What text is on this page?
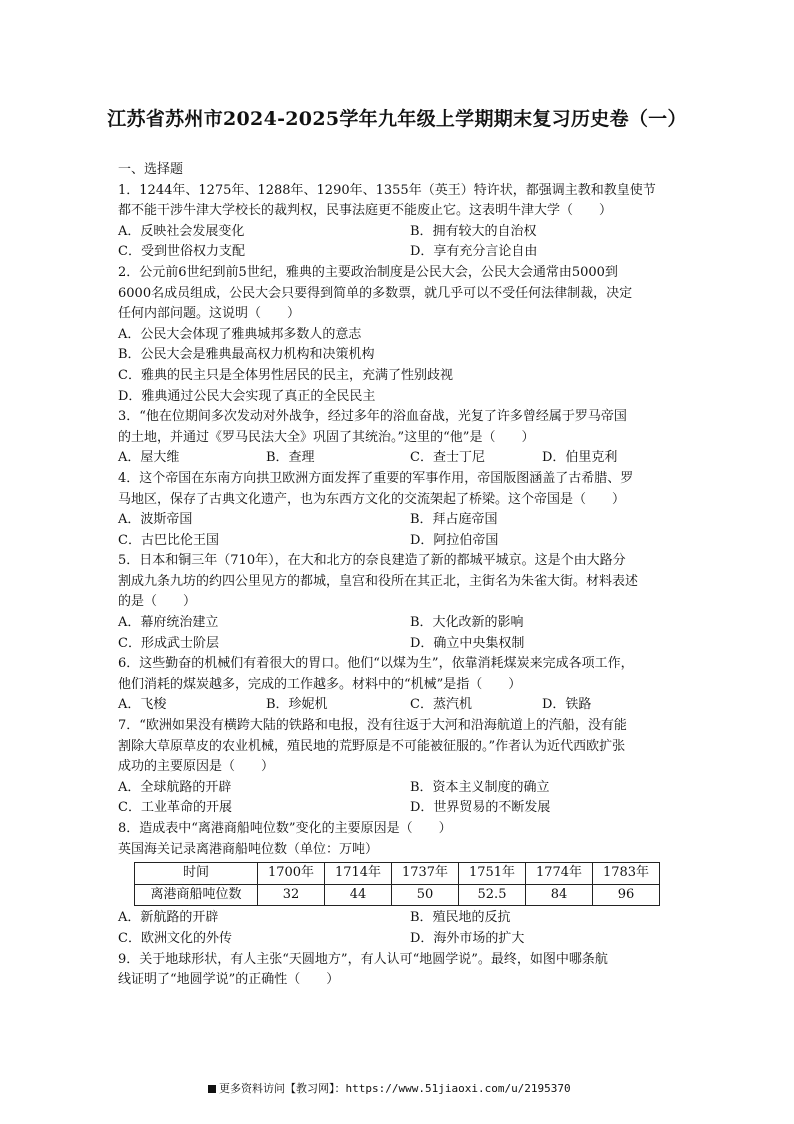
江苏省苏州市2024-2025学年九年级上学期期末复习历史卷（一）
一、选择题
1．1244年、1275年、1288年、1290年、1355年（英王）特许状，都强调主教和教皇使节
都不能干涉牛津大学校长的裁判权，民事法庭更不能废止它。这表明牛津大学（　　）
A．反映社会发展变化	B．拥有较大的自治权
C．受到世俗权力支配	D．享有充分言论自由
2．公元前6世纪到前5世纪，雅典的主要政治制度是公民大会，公民大会通常由5000到
6000名成员组成，公民大会只要得到简单的多数票，就几乎可以不受任何法律制裁，决定
任何内部问题。这说明（　　）
A．公民大会体现了雅典城邦多数人的意志
B．公民大会是雅典最高权力机构和决策机构
C．雅典的民主只是全体男性居民的民主，充满了性别歧视
D．雅典通过公民大会实现了真正的全民民主
3．“他在位期间多次发动对外战争，经过多年的浴血奋战，光复了许多曾经属于罗马帝国
的土地，并通过《罗马民法大全》巩固了其统治。”这里的“他”是（　　）
A．屋大维	B．查理	C．查士丁尼	D．伯里克利
4．这个帝国在东南方向拱卫欧洲方面发挥了重要的军事作用，帝国版图涵盖了古希腊、罗
马地区，保存了古典文化遗产，也为东西方文化的交流架起了桥梁。这个帝国是（　　）
A．波斯帝国	B．拜占庭帝国
C．古巴比伦王国	D．阿拉伯帝国
5．日本和铜三年（710年），在大和北方的奈良建造了新的都城平城京。这是个由大路分
割成九条九坊的约四公里见方的都城，皇宫和役所在其正北，主街名为朱雀大街。材料表述
的是（　　）
A．幕府统治建立	B．大化改新的影响
C．形成武士阶层	D．确立中央集权制
6．这些勤奋的机械们有着很大的胃口。他们“以煤为生”，依靠消耗煤炭来完成各项工作，
他们消耗的煤炭越多，完成的工作越多。材料中的“机械”是指（　　）
A．飞梭	B．珍妮机	C．蒸汽机	D．铁路
7．“欧洲如果没有横跨大陆的铁路和电报，没有往返于大河和沿海航道上的汽船，没有能
割除大草原草皮的农业机械，殖民地的荒野原是不可能被征服的。”作者认为近代西欧扩张
成功的主要原因是（　　）
A．全球航路的开辟	B．资本主义制度的确立
C．工业革命的开展	D．世界贸易的不断发展
8．造成表中“离港商船吨位数”变化的主要原因是（　　）
英国海关记录离港商船吨位数（单位：万吨）
时间	1700年	1714年	1737年	1751年	1774年	1783年
离港商船吨位数	32	44	50	52.5	84	96
A．新航路的开辟	B．殖民地的反抗
C．欧洲文化的外传	D．海外市场的扩大
9．关于地球形状，有人主张“天圆地方”，有人认可“地圆学说”。最终，如图中哪条航
线证明了“地圆学说”的正确性（　　）
更多资料访问【教习网】：https://www.51jiaoxi.com/u/2195370
